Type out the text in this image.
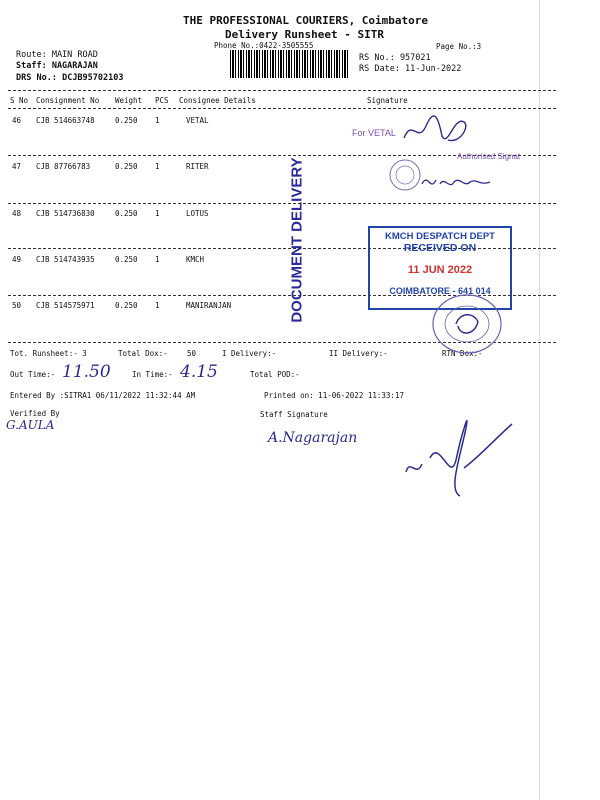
THE PROFESSIONAL COURIERS, Coimbatore
Delivery Runsheet - SITR
Phone No.:0422-3505555	Page No.:3
Route: MAIN ROAD
Staff: NAGARAJAN
DRS No.: DCJB95702103
RS No.: 957021
RS Date: 11-Jun-2022
S No Consignment No Weight PCS Consignee Details	Signature
46 CJB 514663748	0.250 1	VETAL
47 CJB 87766783	0.250 1	RITER
48 CJB 514736830	0.250 1	LOTUS
49 CJB 514743935	0.250 1	KMCH
50 CJB 514575971	0.250 1	MANIRANJAN
Tot. Runsheet:- 3	Total Dox:-	50	I Delivery:-	II Delivery:-	RTN Dox:-
Out Time:- 11.50	In Time:- 4.15	Total POD:-
Entered By :SITRA1 06/11/2022 11:32:44 AM	Printed on: 11-06-2022 11:33:17
Verified By
G.AULA
Staff Signature
A.Nagarajan
DOCUMENT DELIVERY
For VETAL
Authorised Signat
KMCH DESPATCH DEPT
RECEIVED ON
11 JUN 2022
COIMBATORE - 641 014
